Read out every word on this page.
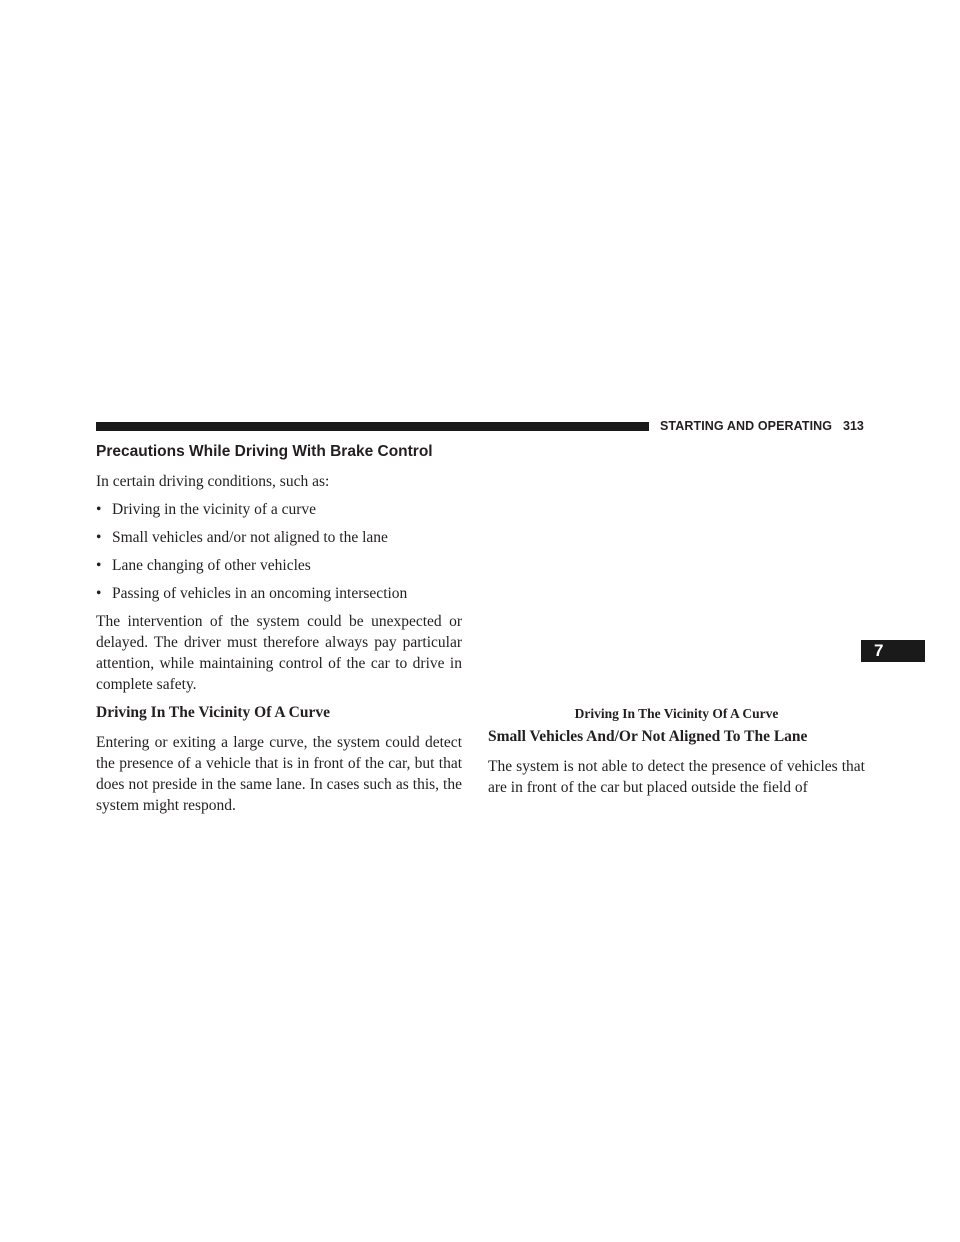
STARTING AND OPERATING 313
7
Precautions While Driving With Brake Control

In certain driving conditions, such as:

• Driving in the vicinity of a curve
• Small vehicles and/or not aligned to the lane
• Lane changing of other vehicles
• Passing of vehicles in an oncoming intersection

The intervention of the system could be unexpected or delayed. The driver must therefore always pay particular attention, while maintaining control of the car to drive in complete safety.

Driving In The Vicinity Of A Curve

Entering or exiting a large curve, the system could detect the presence of a vehicle that is in front of the car, but that does not preside in the same lane. In cases such as this, the system might respond.

Driving In The Vicinity Of A Curve
Small Vehicles And/Or Not Aligned To The Lane

The system is not able to detect the presence of vehicles that are in front of the car but placed outside the field of
